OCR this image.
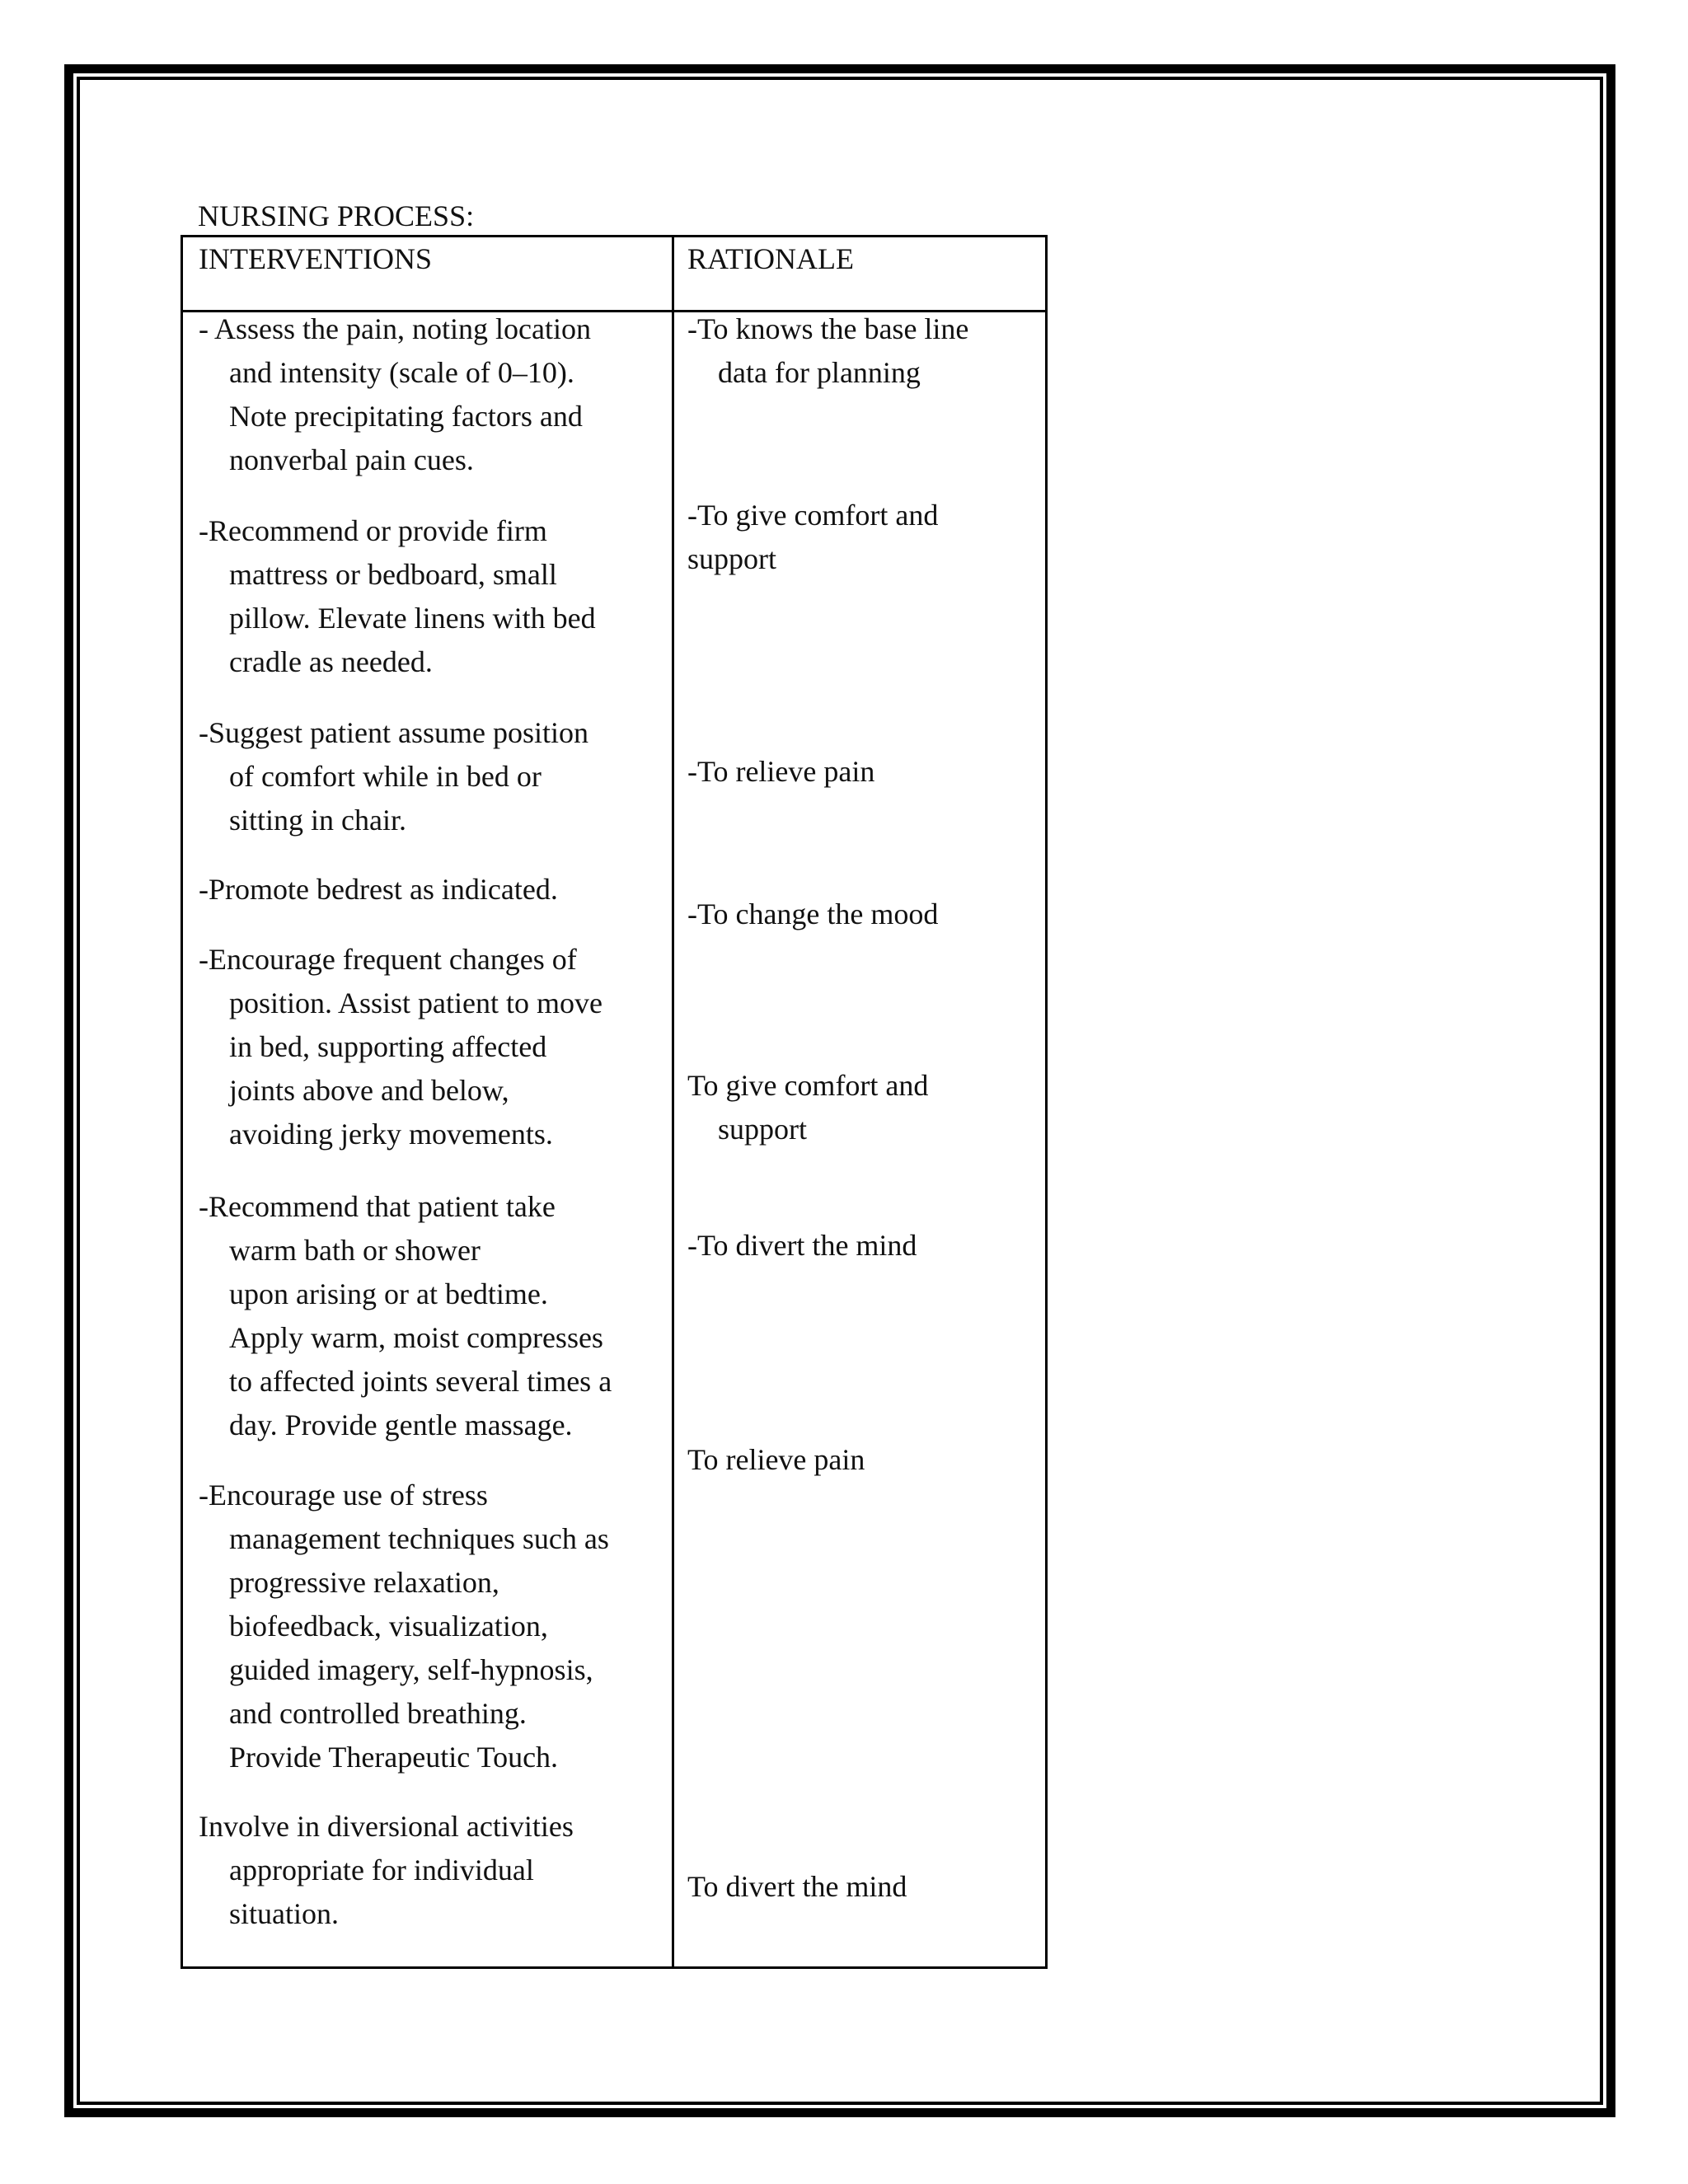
NURSING PROCESS:
INTERVENTIONS	RATIONALE
- Assess the pain, noting location
and intensity (scale of 0–10).
Note precipitating factors and
nonverbal pain cues.
-Recommend or provide firm
mattress or bedboard, small
pillow. Elevate linens with bed
cradle as needed.
-Suggest patient assume position
of comfort while in bed or
sitting in chair.
-Promote bedrest as indicated.
-Encourage frequent changes of
position. Assist patient to move
in bed, supporting affected
joints above and below,
avoiding jerky movements.
-Recommend that patient take
warm bath or shower
upon arising or at bedtime.
Apply warm, moist compresses
to affected joints several times a
day. Provide gentle massage.
-Encourage use of stress
management techniques such as
progressive relaxation,
biofeedback, visualization,
guided imagery, self-hypnosis,
and controlled breathing.
Provide Therapeutic Touch.
Involve in diversional activities
appropriate for individual
situation.
-To knows the base line
data for planning
-To give comfort and
support
-To relieve pain
-To change the mood
To give comfort and
support
-To divert the mind
To relieve pain
To divert the mind
